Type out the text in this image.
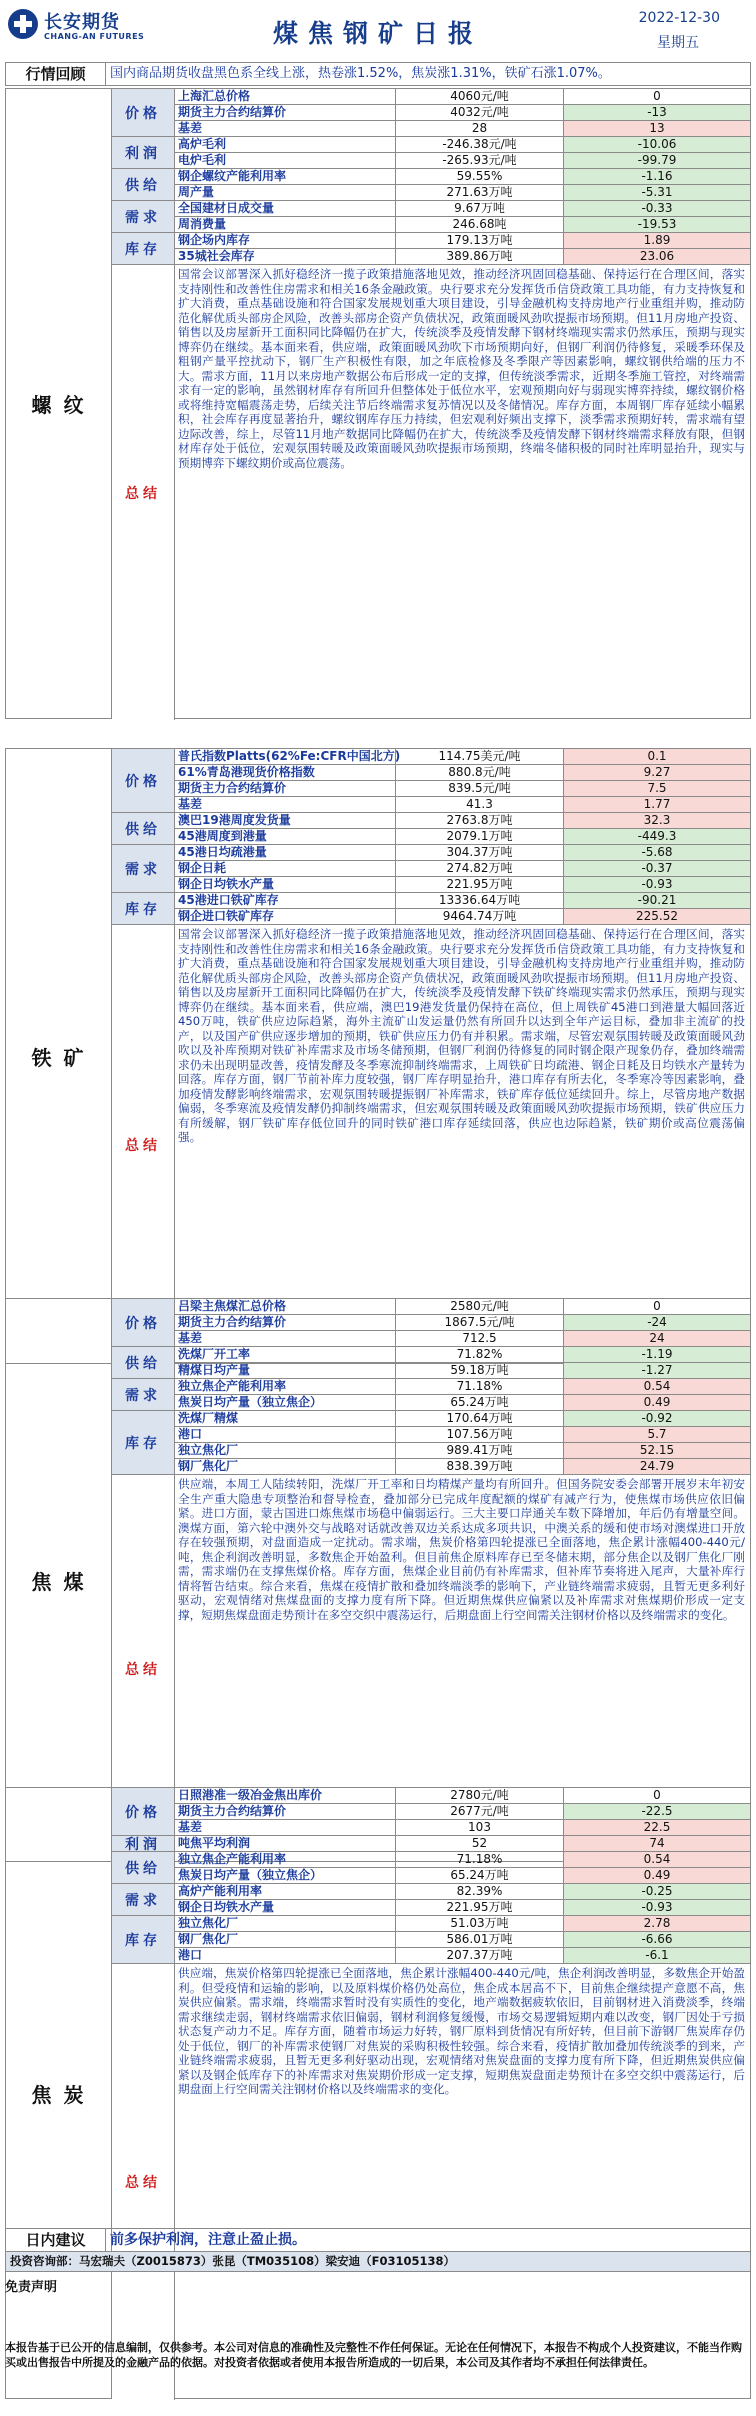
长安期货
CHANG-AN FUTURES	煤焦钢矿日报
2022-12-30
星期五
行情回顾	国内商品期货收盘黑色系全线上涨，热卷涨1.52%，焦炭涨1.31%，铁矿石涨1.07%。
螺纹
价格
上海汇总价格	4060元/吨	0
期货主力合约结算价	4032元/吨	-13
基差	28	13
利润
高炉毛利	-246.38元/吨	-10.06
电炉毛利	-265.93元/吨	-99.79
供给
钢企螺纹产能利用率	59.55%	-1.16
周产量	271.63万吨	-5.31
需求
全国建材日成交量	9.67万吨	-0.33
周消费量	246.68吨	-19.53
库存
钢企场内库存	179.13万吨	1.89
35城社会库存	389.86万吨	23.06
总结
国常会议部署深入抓好稳经济一揽子政策措施落地见效，推动经济巩固回稳基础、保持运行在合理区间，落实支持刚性和改善性住房需求和相关16条金融政策。央行要求充分发挥货币信贷政策工具功能，有力支持恢复和扩大消费，重点基础设施和符合国家发展规划重大项目建设，引导金融机构支持房地产行业重组并购，推动防范化解优质头部房企风险，改善头部房企资产负债状况，政策面暖风劲吹提振市场预期。但11月房地产投资、销售以及房屋新开工面积同比降幅仍在扩大，传统淡季及疫情发酵下钢材终端现实需求仍然承压，预期与现实博弈仍在继续。基本面来看，供应端，政策面暖风劲吹下市场预期向好，但钢厂利润仍待修复，采暖季环保及粗钢产量平控扰动下，钢厂生产积极性有限，加之年底检修及冬季限产等因素影响，螺纹钢供给端的压力不大。需求方面，11月以来房地产数据公布后形成一定的支撑，但传统淡季需求，近期冬季施工管控，对终端需求有一定的影响，虽然钢材库存有所回升但整体处于低位水平，宏观预期向好与弱现实博弈持续，螺纹钢价格或将维持宽幅震荡走势，后续关注节后终端需求复苏情况以及冬储情况。库存方面，本周钢厂库存延续小幅累积，社会库存再度显著抬升，螺纹钢库存压力持续，但宏观利好频出支撑下，淡季需求预期好转，需求端有望边际改善，综上，尽管11月地产数据同比降幅仍在扩大，传统淡季及疫情发酵下钢材终端需求释放有限，但钢材库存处于低位，宏观氛围转暖及政策面暖风劲吹提振市场预期，终端冬储积极的同时社库明显抬升，现实与预期博弈下螺纹期价或高位震荡。
铁矿
价格
普氏指数Platts(62%Fe:CFR中国北方)	114.75美元/吨	0.1
61%青岛港现货价格指数	880.8元/吨	9.27
期货主力合约结算价	839.5元/吨	7.5
基差	41.3	1.77
供给
澳巴19港周度发货量	2763.8万吨	32.3
45港周度到港量	2079.1万吨	-449.3
需求
45港日均疏港量	304.37万吨	-5.68
钢企日耗	274.82万吨	-0.37
钢企日均铁水产量	221.95万吨	-0.93
库存
45港进口铁矿库存	13336.64万吨	-90.21
钢企进口铁矿库存	9464.74万吨	225.52
总结
国常会议部署深入抓好稳经济一揽子政策措施落地见效，推动经济巩固回稳基础、保持运行在合理区间，落实支持刚性和改善性住房需求和相关16条金融政策。央行要求充分发挥货币信贷政策工具功能，有力支持恢复和扩大消费，重点基础设施和符合国家发展规划重大项目建设，引导金融机构支持房地产行业重组并购，推动防范化解优质头部房企风险，改善头部房企资产负债状况，政策面暖风劲吹提振市场预期。但11月房地产投资、销售以及房屋新开工面积同比降幅仍在扩大，传统淡季及疫情发酵下铁矿终端现实需求仍然承压，预期与现实博弈仍在继续。基本面来看，供应端，澳巴19港发货量仍保持在高位，但上周铁矿45港口到港量大幅回落近450万吨，铁矿供应边际趋紧，海外主流矿山发运量仍然有所回升以达到全年产运目标，叠加非主流矿的投产，以及国产矿供应逐步增加的预期，铁矿供应压力仍有并积累。需求端，尽管宏观氛围转暖及政策面暖风劲吹以及补库预期对铁矿补库需求及市场冬储预期，但钢厂利润仍待修复的同时钢企限产现象仍存，叠加终端需求仍未出现明显改善，疫情发酵及冬季寒流抑制终端需求，上周铁矿日均疏港、钢企日耗及日均铁水产量转为回落。库存方面，钢厂节前补库力度较强，钢厂库存明显抬升，港口库存有所去化，冬季寒冷等因素影响，叠加疫情发酵影响终端需求，宏观氛围转暖提振钢厂补库需求，铁矿库存低位延续回升。综上，尽管房地产数据偏弱，冬季寒流及疫情发酵仍抑制终端需求，但宏观氛围转暖及政策面暖风劲吹提振市场预期，铁矿供应压力有所缓解，钢厂铁矿库存低位回升的同时铁矿港口库存延续回落，供应也边际趋紧，铁矿期价或高位震荡偏强。
焦煤
价格
吕梁主焦煤汇总价格	2580元/吨	0
期货主力合约结算价	1867.5元/吨	-24
基差	712.5	24
供给
洗煤厂开工率	71.82%	-1.19
精煤日均产量	59.18万吨	-1.27
需求
独立焦企产能利用率	71.18%	0.54
焦炭日均产量（独立焦企）	65.24万吨	0.49
库存
洗煤厂精煤	170.64万吨	-0.92
港口	107.56万吨	5.7
独立焦化厂	989.41万吨	52.15
钢厂焦化厂	838.39万吨	24.79
总结
供应端，本周工人陆续转阳，洗煤厂开工率和日均精煤产量均有所回升。但国务院安委会部署开展岁末年初安全生产重大隐患专项整治和督导检查，叠加部分已完成年度配额的煤矿有减产行为，使焦煤市场供应依旧偏紧。进口方面，蒙古国进口炼焦煤市场稳中偏弱运行。三大主要口岸通关车数下降增加，年后仍有增量空间。澳煤方面，第六轮中澳外交与战略对话就改善双边关系达成多项共识，中澳关系的缓和使市场对澳煤进口开放存在较强预期，对盘面造成一定扰动。需求端，焦炭价格第四轮提涨已全面落地，焦企累计涨幅400-440元/吨，焦企利润改善明显，多数焦企开始盈利。但目前焦企原料库存已至冬储末期，部分焦企以及钢厂焦化厂刚需，需求端仍在支撑焦煤价格。库存方面，焦煤企业目前仍有补库需求，但补库节奏将进入尾声，大量补库行情将暂告结束。综合来看，焦煤在疫情扩散和叠加终端淡季的影响下，产业链终端需求疲弱，且暂无更多利好驱动，宏观情绪对焦煤盘面的支撑力度有所下降。但近期焦煤供应偏紧以及补库需求对焦煤期价形成一定支撑，短期焦煤盘面走势预计在多空交织中震荡运行，后期盘面上行空间需关注钢材价格以及终端需求的变化。
焦炭
价格
日照港准一级冶金焦出库价	2780元/吨	0
期货主力合约结算价	2677元/吨	-22.5
基差	103	22.5
利润	吨焦平均利润	52	74
供给
独立焦企产能利用率	71.18%	0.54
焦炭日均产量（独立焦企）	65.24万吨	0.49
需求
高炉产能利用率	82.39%	-0.25
钢企日均铁水产量	221.95万吨	-0.93
库存
独立焦化厂	51.03万吨	2.78
钢厂焦化厂	586.01万吨	-6.66
港口	207.37万吨	-6.1
总结
供应端，焦炭价格第四轮提涨已全面落地，焦企累计涨幅400-440元/吨，焦企利润改善明显，多数焦企开始盈利。但受疫情和运输的影响，以及原料煤价格仍处高位，焦企成本居高不下，目前焦企继续提产意愿不高，焦炭供应偏紧。需求端，终端需求暂时没有实质性的变化，地产端数据疲软依旧，目前钢材进入消费淡季，终端需求继续走弱，钢材终端需求依旧偏弱，钢材利润修复缓慢，市场交易逻辑短期内难以改变，钢厂因处于亏损状态复产动力不足。库存方面，随着市场运力好转，钢厂原料到货情况有所好转，但目前下游钢厂焦炭库存仍处于低位，钢厂的补库需求使钢厂对焦炭的采购积极性较强。综合来看，疫情扩散加叠加传统淡季的到来，产业链终端需求疲弱，且暂无更多利好驱动出现，宏观情绪对焦炭盘面的支撑力度有所下降，但近期焦炭供应偏紧以及钢企低库存下的补库需求对焦炭期价形成一定支撑，短期焦炭盘面走势预计在多空交织中震荡运行，后期盘面上行空间需关注钢材价格以及终端需求的变化。
日内建议	前多保护利润，注意止盈止损。
投资咨询部：马宏瑞夫（Z0015873）张昆（TM035108）梁安迪（F03105138）
免责声明
本报告基于已公开的信息编制，仅供参考。本公司对信息的准确性及完整性不作任何保证。无论在任何情况下，本报告不构成个人投资建议，不能当作购买或出售报告中所提及的金融产品的依据。对投资者依据或者使用本报告所造成的一切后果，本公司及其作者均不承担任何法律责任。
